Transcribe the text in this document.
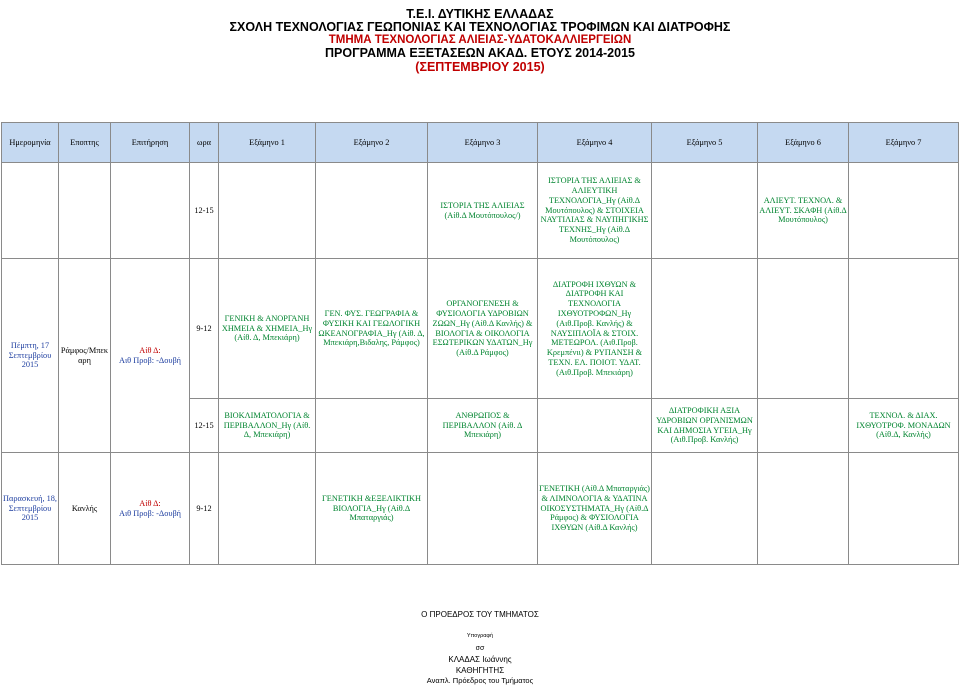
Τ.Ε.Ι. ΔΥΤΙΚΗΣ ΕΛΛΑΔΑΣ
ΣΧΟΛΗ ΤΕΧΝΟΛΟΓΙΑΣ ΓΕΩΠΟΝΙΑΣ ΚΑΙ ΤΕΧΝΟΛΟΓΙΑΣ ΤΡΟΦΙΜΩΝ ΚΑΙ ΔΙΑΤΡΟΦΗΣ
ΤΜΗΜΑ ΤΕΧΝΟΛΟΓΙΑΣ ΑΛΙΕΙΑΣ-ΥΔΑΤΟΚΑΛΛΙΕΡΓΕΙΩΝ
ΠΡΟΓΡΑΜΜΑ ΕΞΕΤΑΣΕΩΝ ΑΚΑΔ. ΕΤΟΥΣ 2014-2015
(ΣΕΠΤΕΜΒΡΙΟΥ 2015)
Ημερομηνία	Εποπτης	Επιτήρηση	ωρα	Εξάμηνο 1	Εξάμηνο 2	Εξάμηνο 3	Εξάμηνο 4	Εξάμηνο 5	Εξάμηνο 6	Εξάμηνο 7
			12-15			ΙΣΤΟΡΙΑ ΤΗΣ ΑΛΙΕΙΑΣ (Αίθ.Δ Μουτόπουλος/)	ΙΣΤΟΡΙΑ ΤΗΣ ΑΛΙΕΙΑΣ & ΑΛΙΕΥΤΙΚΗ ΤΕΧΝΟΛΟΓΙΑ_Ηγ (Αίθ.Δ Μουτόπουλος) & ΣΤΟΙΧΕΙΑ ΝΑΥΤΙΛΙΑΣ & ΝΑΥΠΗΓΙΚΗΣ ΤΕΧΝΗΣ_Ηγ (Αίθ.Δ Μουτόπουλος)		ΑΛΙΕΥΤ. ΤΕΧΝΟΛ. & ΑΛΙΕΥΤ. ΣΚΑΦΗ (Αίθ.Δ Μουτόπουλος)	
Πέμπτη, 17 Σεπτεμβρίου 2015	Ράμφος/Μπεκ αρη	Αίθ Δ:
Αιθ Προβ: -Δουβή	9-12	ΓΕΝΙΚΗ & ΑΝΟΡΓΑΝΗ ΧΗΜΕΙΑ & ΧΗΜΕΙΑ_Ηγ (Αίθ. Δ, Μπεκιάρη)	ΓΕΝ. ΦΥΣ. ΓΕΩΓΡΑΦΙΑ & ΦΥΣΙΚΗ ΚΑΙ ΓΕΩΛΟΓΙΚΗ ΩΚΕΑΝΟΓΡΑΦΙΑ_Ηγ (Αίθ. Δ, Μπεκιάρη,Βιδαλης, Ράμφος)	ΟΡΓΑΝΟΓΕΝΕΣΗ & ΦΥΣΙΟΛΟΓΙΑ ΥΔΡΟΒΙΩΝ ΖΩΩΝ_Ηγ (Αίθ.Δ Κανλής) & ΒΙΟΛΟΓΙΑ & ΟΙΚΟΛΟΓΙΑ ΕΣΩΤΕΡΙΚΩΝ ΥΔΑΤΩΝ_Ηγ (Αίθ.Δ Ράμφος)	ΔΙΑΤΡΟΦΗ ΙΧΘΥΩΝ & ΔΙΑΤΡΟΦΗ ΚΑΙ ΤΕΧΝΟΛΟΓΙΑ ΙΧΘΥΟΤΡΟΦΩΝ_Ηγ (Αιθ.Προβ. Κανλής) & ΝΑΥΣΙΠΛΟΪΑ & ΣΤΟΙΧ. ΜΕΤΕΩΡΟΛ. (Αιθ.Προβ. Κρεμπένιι) & ΡΥΠΑΝΣΗ & ΤΕΧΝ. ΕΛ. ΠΟΙΟΤ. ΥΔΑΤ. (Αιθ.Προβ. Μπεκιάρη)			
			12-15	ΒΙΟΚΛΙΜΑΤΟΛΟΓΙΑ & ΠΕΡΙΒΑΛΛΟΝ_Ηγ (Αίθ. Δ, Μπεκιάρη)		ΑΝΘΡΩΠΟΣ & ΠΕΡΙΒΑΛΛΟΝ (Αίθ. Δ Μπεκιάρη)		ΔΙΑΤΡΟΦΙΚΗ ΑΞΙΑ ΥΔΡΟΒΙΩΝ ΟΡΓΑΝΙΣΜΩΝ ΚΑΙ ΔΗΜΟΣΙΑ ΥΓΕΙΑ_Ηγ (Αιθ.Προβ. Κανλής)		ΤΕΧΝΟΛ. & ΔΙΑΧ. ΙΧΘΥΟΤΡΟΦ. ΜΟΝΑΔΩΝ (Αίθ.Δ, Κανλής)
Παρασκευή, 18, Σεπτεμβρίου 2015	Κανλής	Αίθ Δ:
Αιθ Προβ: -Δουβή	9-12		ΓΕΝΕΤΙΚΗ &ΕΞΕΛΙΚΤΙΚΗ ΒΙΟΛΟΓΙΑ_Ηγ (Αίθ.Δ Μπαταργιάς)		ΓΕΝΕΤΙΚΗ (Αίθ.Δ Μπαταργιάς) & ΛΙΜΝΟΛΟΓΙΑ & ΥΔΑΤΙΝΑ ΟΙΚΟΣΥΣΤΗΜΑΤΑ_Ηγ (Αίθ.Δ Ράμφος) & ΦΥΣΙΟΛΟΓΙΑ ΙΧΘΥΩΝ (Αίθ.Δ Κανλής)			
Ο ΠΡΟΕΔΡΟΣ ΤΟΥ ΤΜΗΜΑΤΟΣ
Υπογραφή
σσ
ΚΛΑΔΑΣ Ιωάννης
ΚΑΘΗΓΗΤΗΣ
Αναπλ. Πρόεδρος του Τμήματος
